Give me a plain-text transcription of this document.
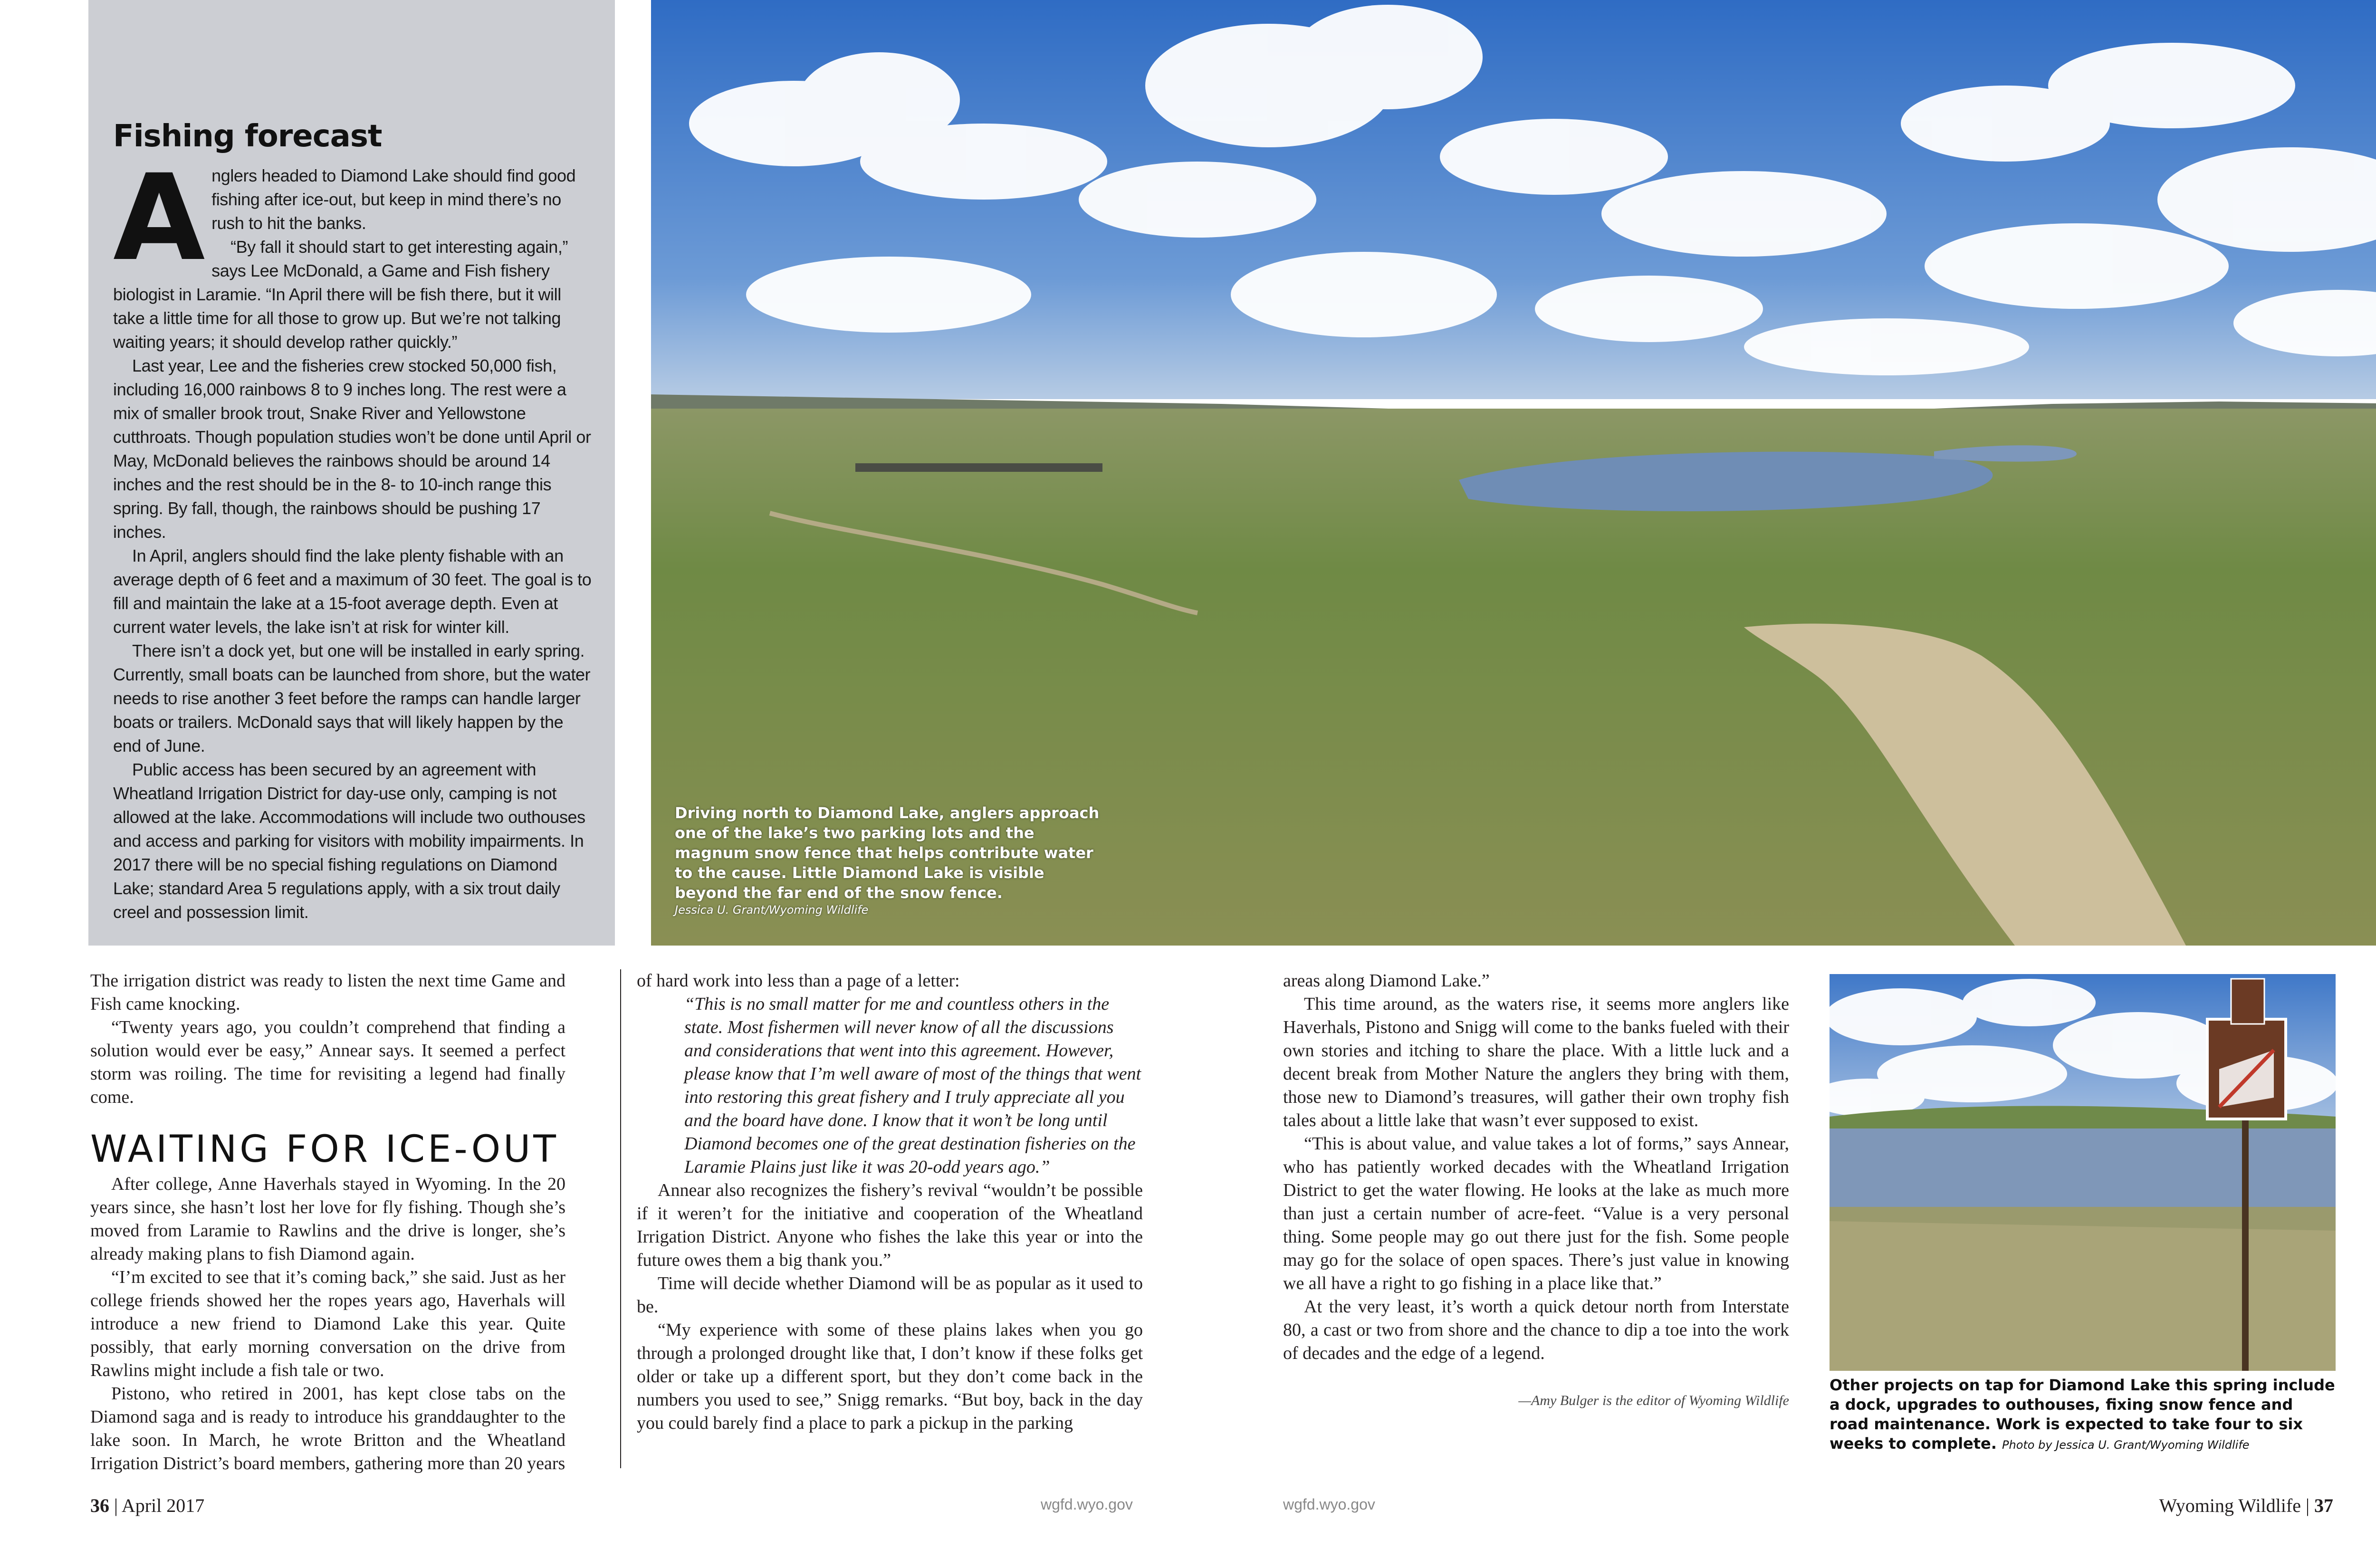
Fishing forecast

Anglers headed to Diamond Lake should find good fishing after ice-out, but keep in mind there’s no rush to hit the banks.

“By fall it should start to get interesting again,” says Lee McDonald, a Game and Fish fishery biologist in Laramie. “In April there will be fish there, but it will take a little time for all those to grow up. But we’re not talking waiting years; it should develop rather quickly.”

Last year, Lee and the fisheries crew stocked 50,000 fish, including 16,000 rainbows 8 to 9 inches long. The rest were a mix of smaller brook trout, Snake River and Yellowstone cutthroats. Though population studies won’t be done until April or May, McDonald believes the rainbows should be around 14 inches and the rest should be in the 8- to 10-inch range this spring. By fall, though, the rainbows should be pushing 17 inches.

In April, anglers should find the lake plenty fishable with an average depth of 6 feet and a maximum of 30 feet. The goal is to fill and maintain the lake at a 15-foot average depth. Even at current water levels, the lake isn’t at risk for winter kill.

There isn’t a dock yet, but one will be installed in early spring. Currently, small boats can be launched from shore, but the water needs to rise another 3 feet before the ramps can handle larger boats or trailers. McDonald says that will likely happen by the end of June.

Public access has been secured by an agreement with Wheatland Irrigation District for day-use only, camping is not allowed at the lake. Accommodations will include two outhouses and access and parking for visitors with mobility impairments. In 2017 there will be no special fishing regulations on Diamond Lake; standard Area 5 regulations apply, with a six trout daily creel and possession limit.

Driving north to Diamond Lake, anglers approach one of the lake’s two parking lots and the magnum snow fence that helps contribute water to the cause. Little Diamond Lake is visible beyond the far end of the snow fence.
Jessica U. Grant/Wyoming Wildlife

The irrigation district was ready to listen the next time Game and Fish came knocking.

“Twenty years ago, you couldn’t comprehend that finding a solution would ever be easy,” Annear says. It seemed a perfect storm was roiling. The time for revisiting a legend had finally come.

WAITING FOR ICE-OUT

After college, Anne Haverhals stayed in Wyoming. In the 20 years since, she hasn’t lost her love for fly fishing. Though she’s moved from Laramie to Rawlins and the drive is longer, she’s already making plans to fish Diamond again.

“I’m excited to see that it’s coming back,” she said. Just as her college friends showed her the ropes years ago, Haverhals will introduce a new friend to Diamond Lake this year. Quite possibly, that early morning conversation on the drive from Rawlins might include a fish tale or two.

Pistono, who retired in 2001, has kept close tabs on the Diamond saga and is ready to introduce his granddaughter to the lake soon. In March, he wrote Britton and the Wheatland Irrigation District’s board members, gathering more than 20 years

of hard work into less than a page of a letter:

“This is no small matter for me and countless others in the state. Most fishermen will never know of all the discussions and considerations that went into this agreement. However, please know that I’m well aware of most of the things that went into restoring this great fishery and I truly appreciate all you and the board have done. I know that it won’t be long until Diamond becomes one of the great destination fisheries on the Laramie Plains just like it was 20-odd years ago.”

Annear also recognizes the fishery’s revival “wouldn’t be possible if it weren’t for the initiative and cooperation of the Wheatland Irrigation District. Anyone who fishes the lake this year or into the future owes them a big thank you.”

Time will decide whether Diamond will be as popular as it used to be.

“My experience with some of these plains lakes when you go through a prolonged drought like that, I don’t know if these folks get older or take up a different sport, but they don’t come back in the numbers you used to see,” Snigg remarks. “But boy, back in the day you could barely find a place to park a pickup in the parking

areas along Diamond Lake.”

This time around, as the waters rise, it seems more anglers like Haverhals, Pistono and Snigg will come to the banks fueled with their own stories and itching to share the place. With a little luck and a decent break from Mother Nature the anglers they bring with them, those new to Diamond’s treasures, will gather their own trophy fish tales about a little lake that wasn’t ever supposed to exist.

“This is about value, and value takes a lot of forms,” says Annear, who has patiently worked decades with the Wheatland Irrigation District to get the water flowing. He looks at the lake as much more than just a certain number of acre-feet. “Value is a very personal thing. Some people may go out there just for the fish. Some people may go for the solace of open spaces. There’s just value in knowing we all have a right to go fishing in a place like that.”

At the very least, it’s worth a quick detour north from Interstate 80, a cast or two from shore and the chance to dip a toe into the work of decades and the edge of a legend.

—Amy Bulger is the editor of Wyoming Wildlife

Other projects on tap for Diamond Lake this spring include a dock, upgrades to outhouses, fixing snow fence and road maintenance. Work is expected to take four to six weeks to complete. Photo by Jessica U. Grant/Wyoming Wildlife
36 | April 2017	wgfd.wyo.gov	wgfd.wyo.gov	Wyoming Wildlife | 37
